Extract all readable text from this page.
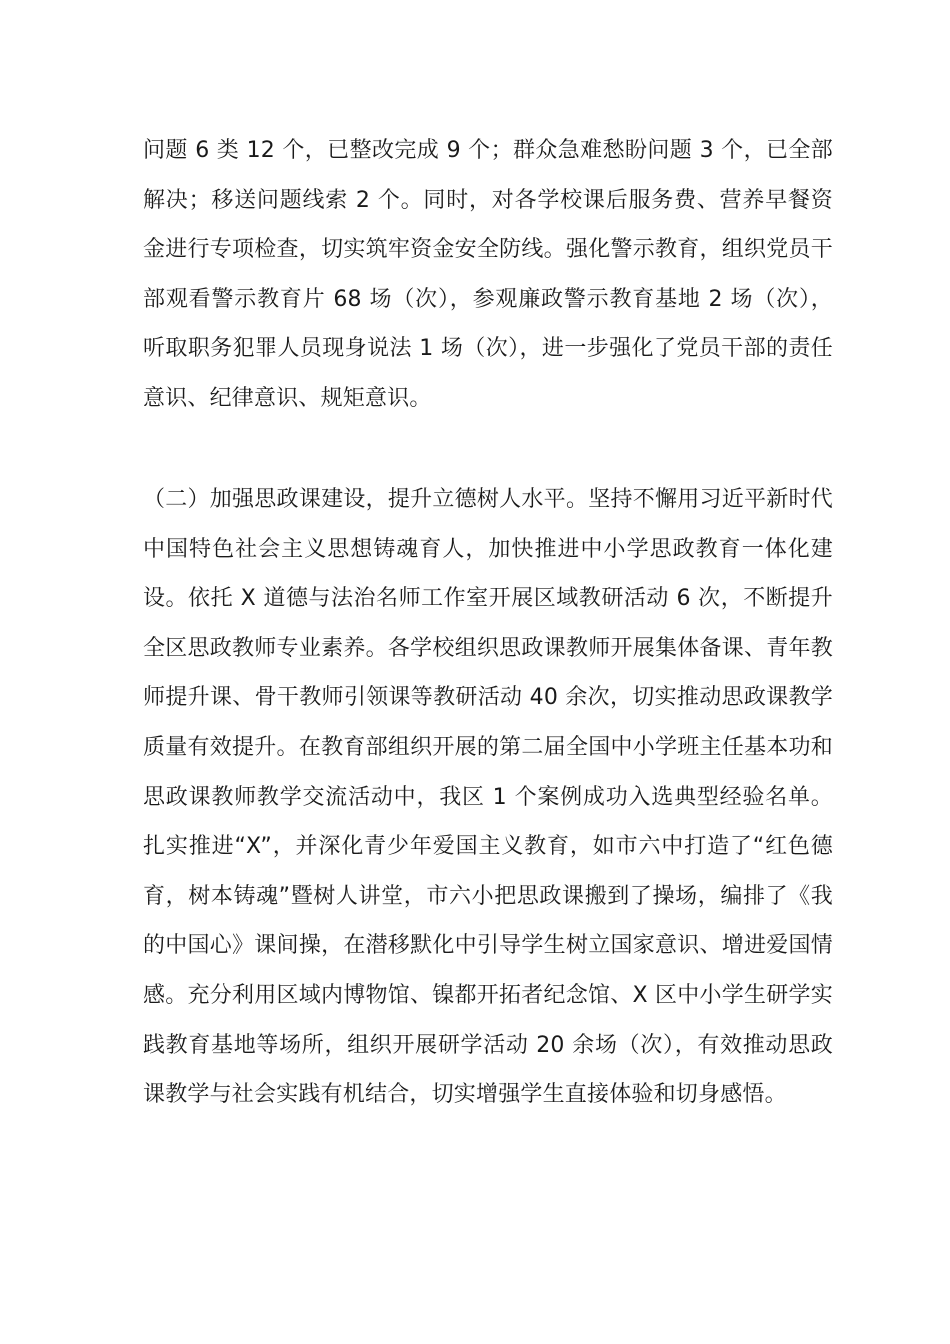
问题 6 类 12 个，已整改完成 9 个；群众急难愁盼问题 3 个，已全部解决；移送问题线索 2 个。同时，对各学校课后服务费、营养早餐资金进行专项检查，切实筑牢资金安全防线。强化警示教育，组织党员干部观看警示教育片 68 场（次），参观廉政警示教育基地 2 场（次），听取职务犯罪人员现身说法 1 场（次），进一步强化了党员干部的责任意识、纪律意识、规矩意识。

（二）加强思政课建设，提升立德树人水平。坚持不懈用习近平新时代中国特色社会主义思想铸魂育人，加快推进中小学思政教育一体化建设。依托 X 道德与法治名师工作室开展区域教研活动 6 次，不断提升全区思政教师专业素养。各学校组织思政课教师开展集体备课、青年教师提升课、骨干教师引领课等教研活动 40 余次，切实推动思政课教学质量有效提升。在教育部组织开展的第二届全国中小学班主任基本功和思政课教师教学交流活动中，我区 1 个案例成功入选典型经验名单。扎实推进“X”，并深化青少年爱国主义教育，如市六中打造了“红色德育，树本铸魂”暨树人讲堂，市六小把思政课搬到了操场，编排了《我的中国心》课间操，在潜移默化中引导学生树立国家意识、增进爱国情感。充分利用区域内博物馆、镍都开拓者纪念馆、X 区中小学生研学实践教育基地等场所，组织开展研学活动 20 余场（次），有效推动思政课教学与社会实践有机结合，切实增强学生直接体验和切身感悟。
